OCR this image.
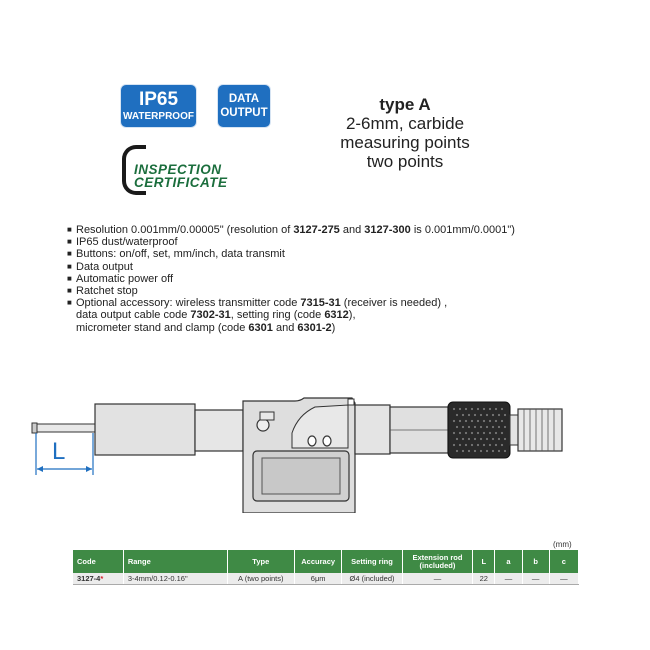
IP65
WATERPROOF
DATA
OUTPUT
INSPECTION
CERTIFICATE
type A
2-6mm, carbide
measuring points
two points
■ Resolution 0.001mm/0.00005" (resolution of 3127-275 and 3127-300 is 0.001mm/0.0001")
■ IP65 dust/waterproof
■ Buttons: on/off, set, mm/inch, data transmit
■ Data output
■ Automatic power off
■ Ratchet stop
■ Optional accessory: wireless transmitter code 7315-31 (receiver is needed) ,
data output cable code 7302-31, setting ring (code 6312),
micrometer stand and clamp (code 6301 and 6301-2)
L
(mm)
Code	Range	Type	Accuracy	Setting ring	Extension rod (included)	L	a	b	c
3127-4*	3-4mm/0.12-0.16"	A (two points)	6μm	Ø4 (included)	—	22	—	—	—
